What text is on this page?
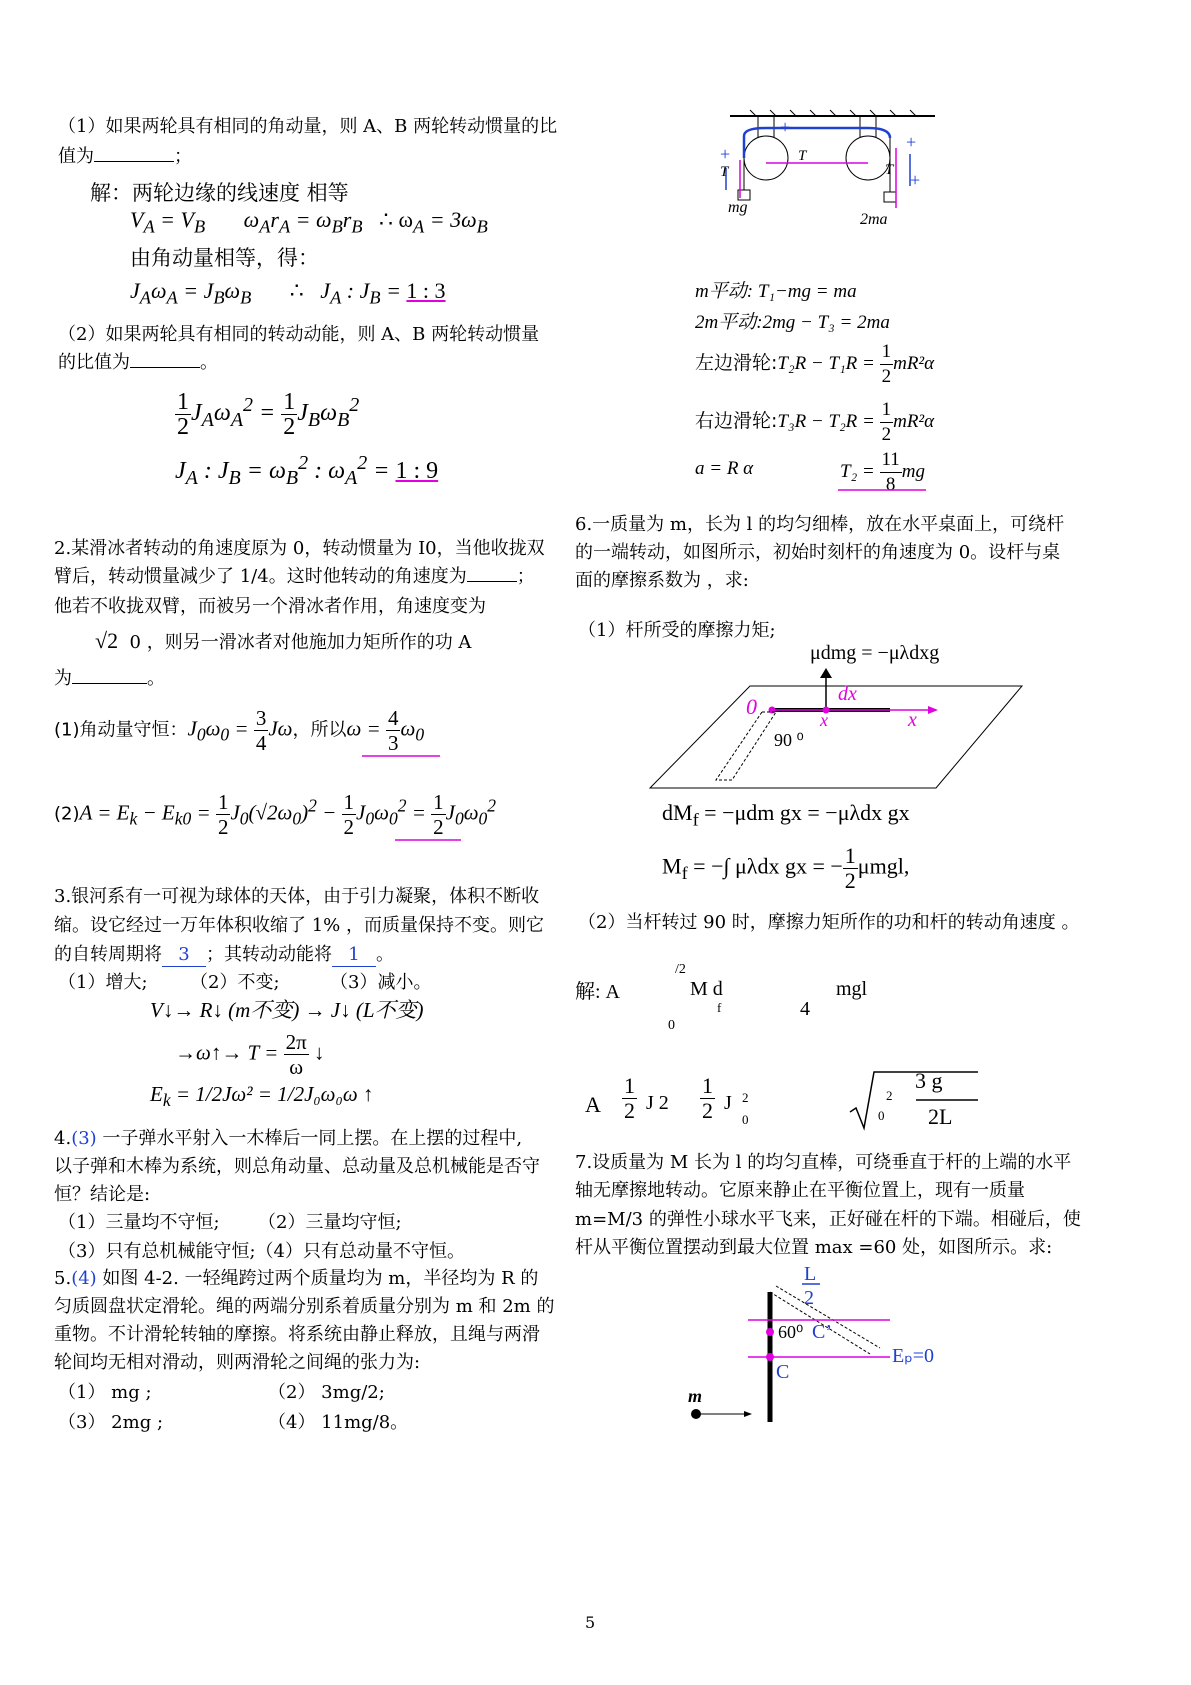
（1）如果两轮具有相同的角动量，则 A、B 两轮转动惯量的比
值为	；
解：两轮边缘的线速度 相等
$V_A = V_B$ $\omega_Ar_A = \omega_Br_B$ ∴ $\omega_A = 3\omega_B$
由角动量相等，得：
$J_A\omega_A = J_B\omega_B$ ∴   $J_A$ : $J_B = 1$ : 3
（2）如果两轮具有相同的转动动能，则 A、B 两轮转动惯量
的比值为	。
$\frac{1}{2} J_A\omega_A^2 = \frac{1}{2} J_B\omega_B^2$
$J_A$ : $J_B = \omega_B^2$ : $\omega_A^2 = 1$ : 9
2.某滑冰者转动的角速度原为 0，转动惯量为 I0，当他收拢双
臂后，转动惯量减少了 1/4。这时他转动的角速度为	；
他若不收拢双臂，而被另一个滑冰者作用，角速度变为
√2 0 ，则另一滑冰者对他施加力矩所作的功 A
为	。
(1)角动量守恒：$J_0\omega_0 = \frac{3}{4}$ Jω，所以$\omega = \frac{4}{3} \omega_0$
$(2)A = E_k - E_{k0} = \frac{1}{2} J_0(√2\omega_0)^2 - \frac{1}{2} J_0\omega_0^2 = \frac{1}{2} J_0\omega_0^2$
3.银河系有一可视为球体的天体，由于引力凝聚，体积不断收
缩。设它经过一万年体积收缩了 1% ，而质量保持不变。则它
的自转周期将 3 ；其转动动能将 1 。
（1）增大; （2）不变;	（3）减小。
V↓→ R↓ (m不变) → J↓ (L不变)
→ω↑→ $T = \frac{2\pi}{\omega}$ ↓
$E_k = 1/2J\omega^2 = 1/2J_0\omega_0\omega$ ↑
4.(3) 一子弹水平射入一木棒后一同上摆。在上摆的过程中,
以子弹和木棒为系统，则总角动量、总动量及总机械能是否守
恒？结论是:
（1）三量均不守恒; （2）三量均守恒;
（3）只有总机械能守恒;（4）只有总动量不守恒。
5.(4) 如图 4-2. 一轻绳跨过两个质量均为 m，半径均为 R 的
匀质圆盘状定滑轮。绳的两端分别系着质量分别为 m 和 2m 的
重物。不计滑轮转轴的摩擦。将系统由静止释放，且绳与两滑
轮间均无相对滑动，则两滑轮之间绳的张力为:
（1） mg ;	（2） 3mg/2;
（3） 2mg ;	（4） 11mg/8。
+
+
+
+
T
T
T
mg
2ma
m平动: T₁−mg = ma
2m平动:2mg − T₃ = 2ma
左边滑轮:T₂R − $T_1R = \frac{1}{2} mR^2\alpha$
右边滑轮:T₃R − $T_2R = \frac{1}{2} mR^2\alpha$
a = R α	$T_2 = \frac{11}{8}$ mg
6.一质量为 m，长为 l 的均匀细棒，放在水平桌面上，可绕杆
的一端转动，如图所示，初始时刻杆的角速度为 0。设杆与桌
面的摩擦系数为 ，求:
（1）杆所受的摩擦力矩;
μdmg = −μλdxg
0	dx
x	x
90 ⁰
$dM_f = -\mu dm$ gx = −μλdx gx
$M_f$ = −∫ μλdx gx = − $\frac{1}{2} \mu mgl$,
（2）当杆转过 90 时，摩擦力矩所作的功和杆的转动角速度 。
解: A
/2
M d
f	4
mgl
0
A $\frac{1}{2}$ J $2 \frac{1}{2}$ J 2
0
3 g
2L
2
0
7.设质量为 M 长为 l 的均匀直棒，可绕垂直于杆的上端的水平
轴无摩擦地转动。它原来静止在平衡位置上，现有一质量
m=M/3 的弹性小球水平飞来，正好碰在杆的下端。相碰后，使
杆从平衡位置摆动到最大位置 max =60 处，如图所示。求:
L
2
60⁰ C’
C
Eₚ=0
m
5
